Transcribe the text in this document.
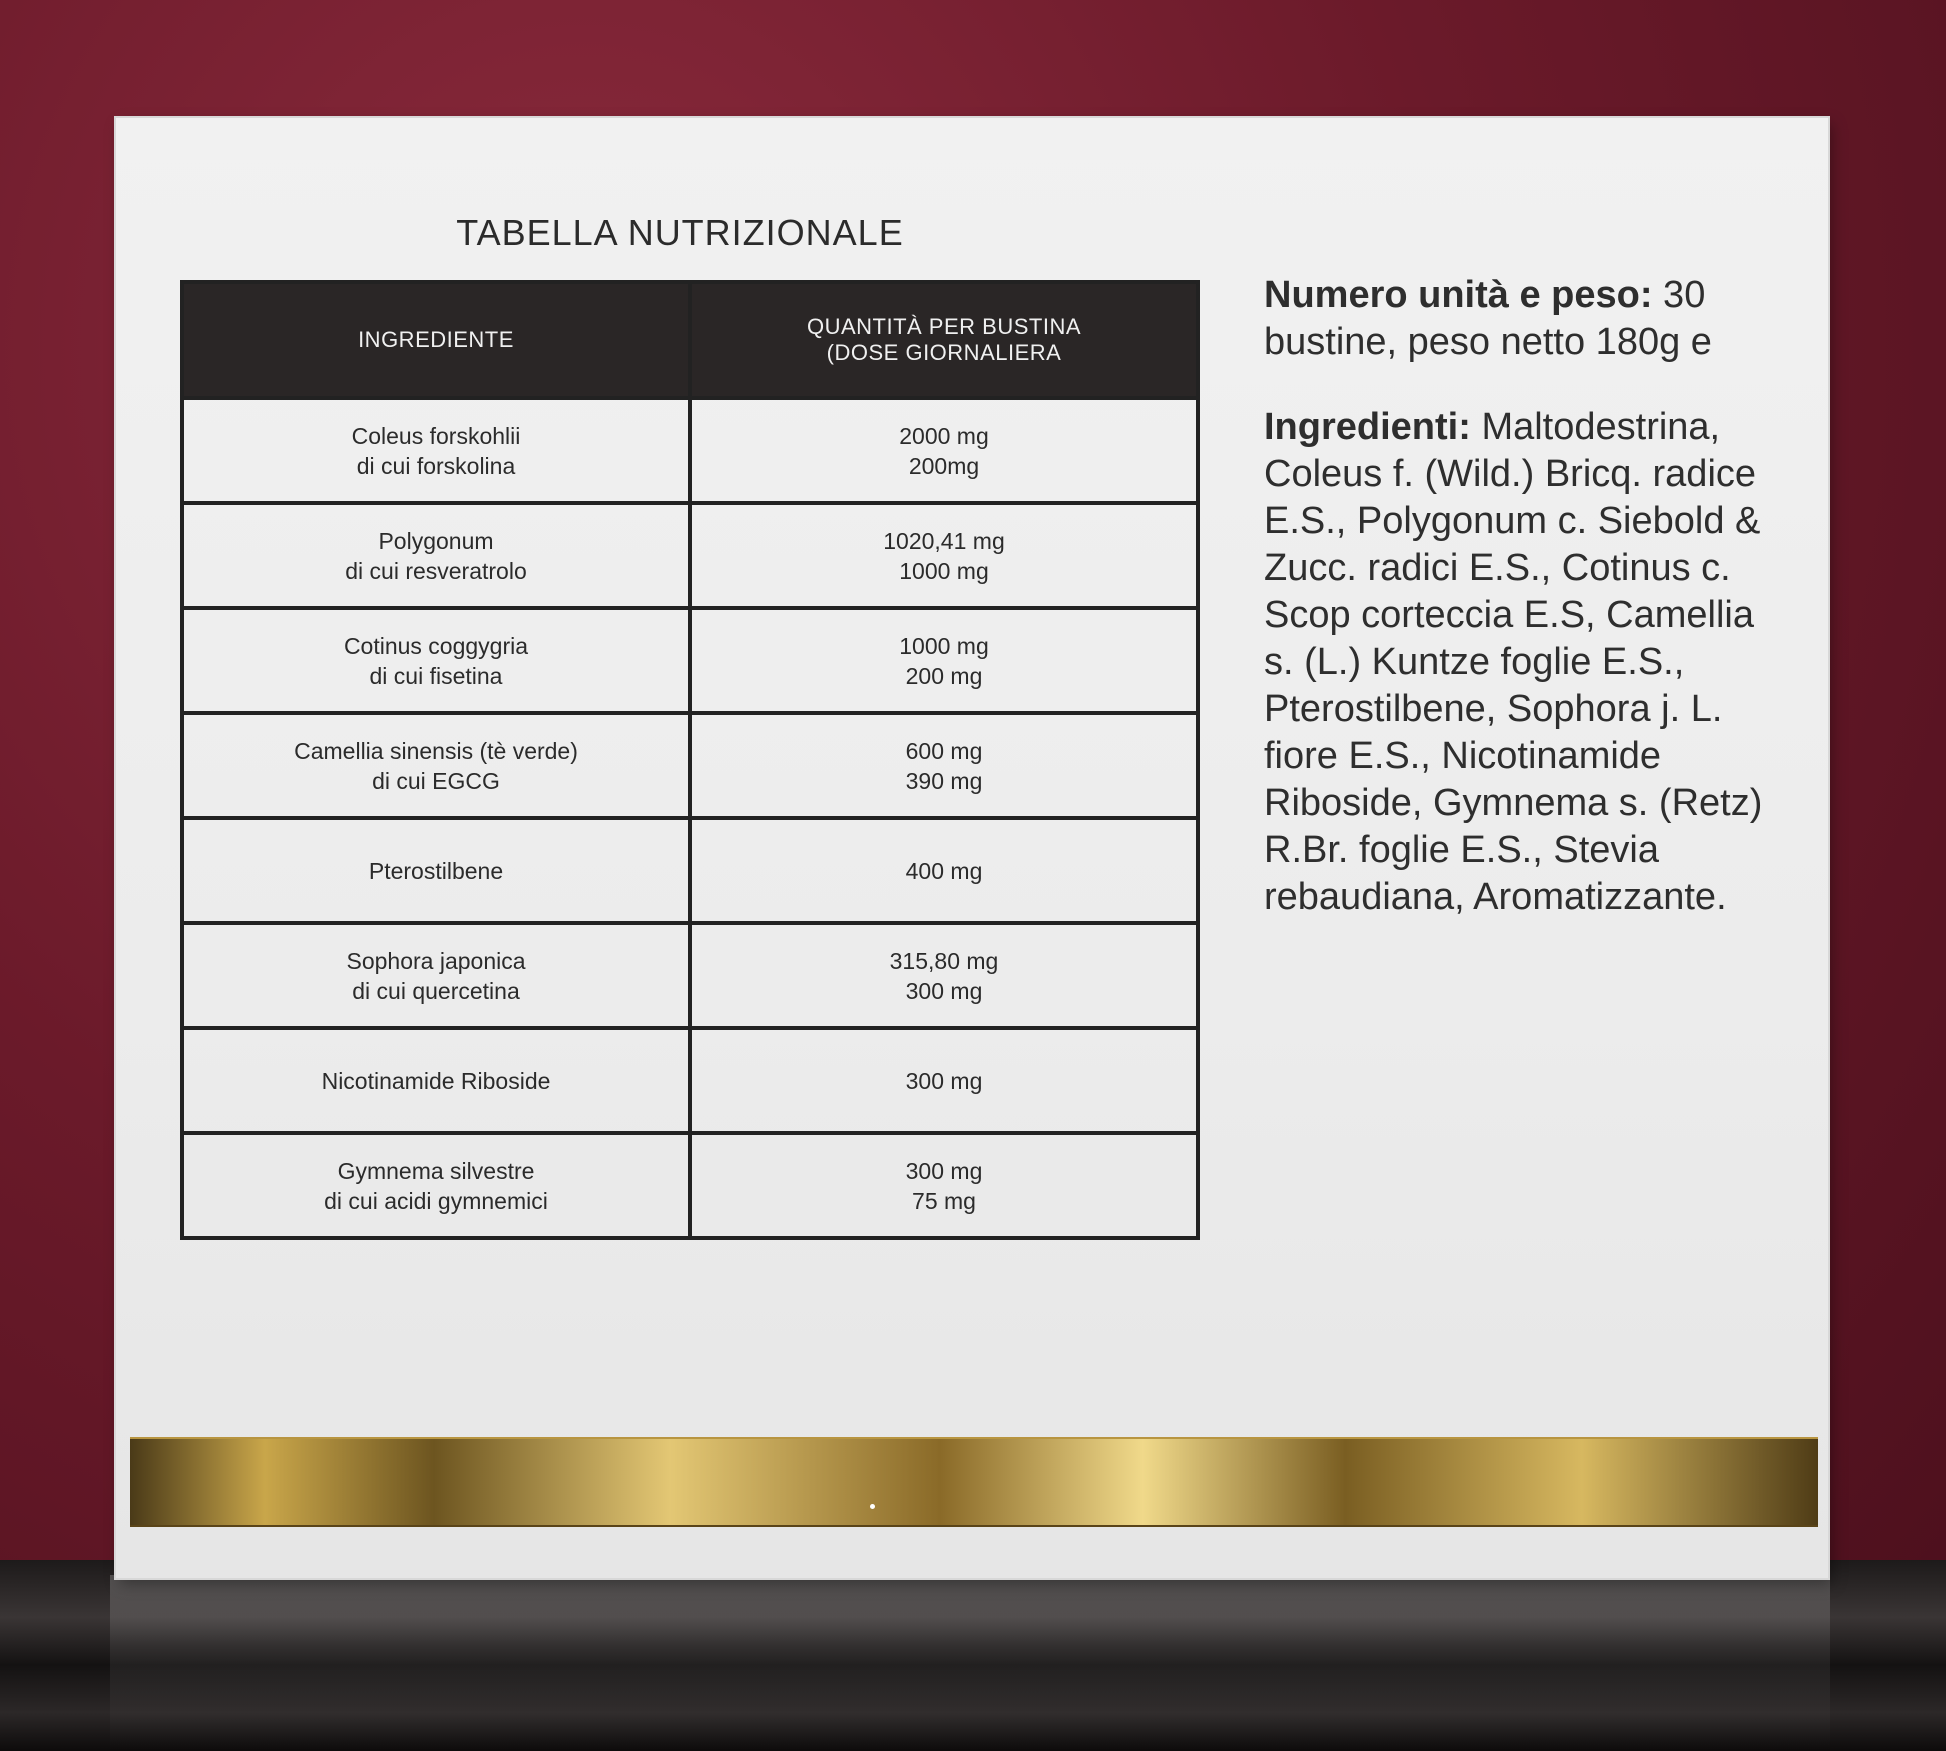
TABELLA NUTRIZIONALE
INGREDIENTE	QUANTITÀ PER BUSTINA
(DOSE GIORNALIERA

Coleus forskohlii
di cui forskolina	2000 mg
200mg

Polygonum
di cui resveratrolo	1020,41 mg
1000 mg

Cotinus coggygria
di cui fisetina	1000 mg
200 mg

Camellia sinensis (tè verde)
di cui EGCG	600 mg
390 mg

Pterostilbene	400 mg

Sophora japonica
di cui quercetina	315,80 mg
300 mg

Nicotinamide Riboside	300 mg

Gymnema silvestre
di cui acidi gymnemici	300 mg
75 mg

Numero unità e peso: 30 bustine, peso netto 180g e

Ingredienti: Maltodestrina, Coleus f. (Wild.) Bricq. radice E.S., Polygonum c. Siebold & Zucc. radici E.S., Cotinus c. Scop corteccia E.S, Camellia s. (L.) Kuntze foglie E.S., Pterostilbene, Sophora j. L. fiore E.S., Nicotinamide Riboside, Gymnema s. (Retz) R.Br. foglie E.S., Stevia rebaudiana, Aromatizzante.
